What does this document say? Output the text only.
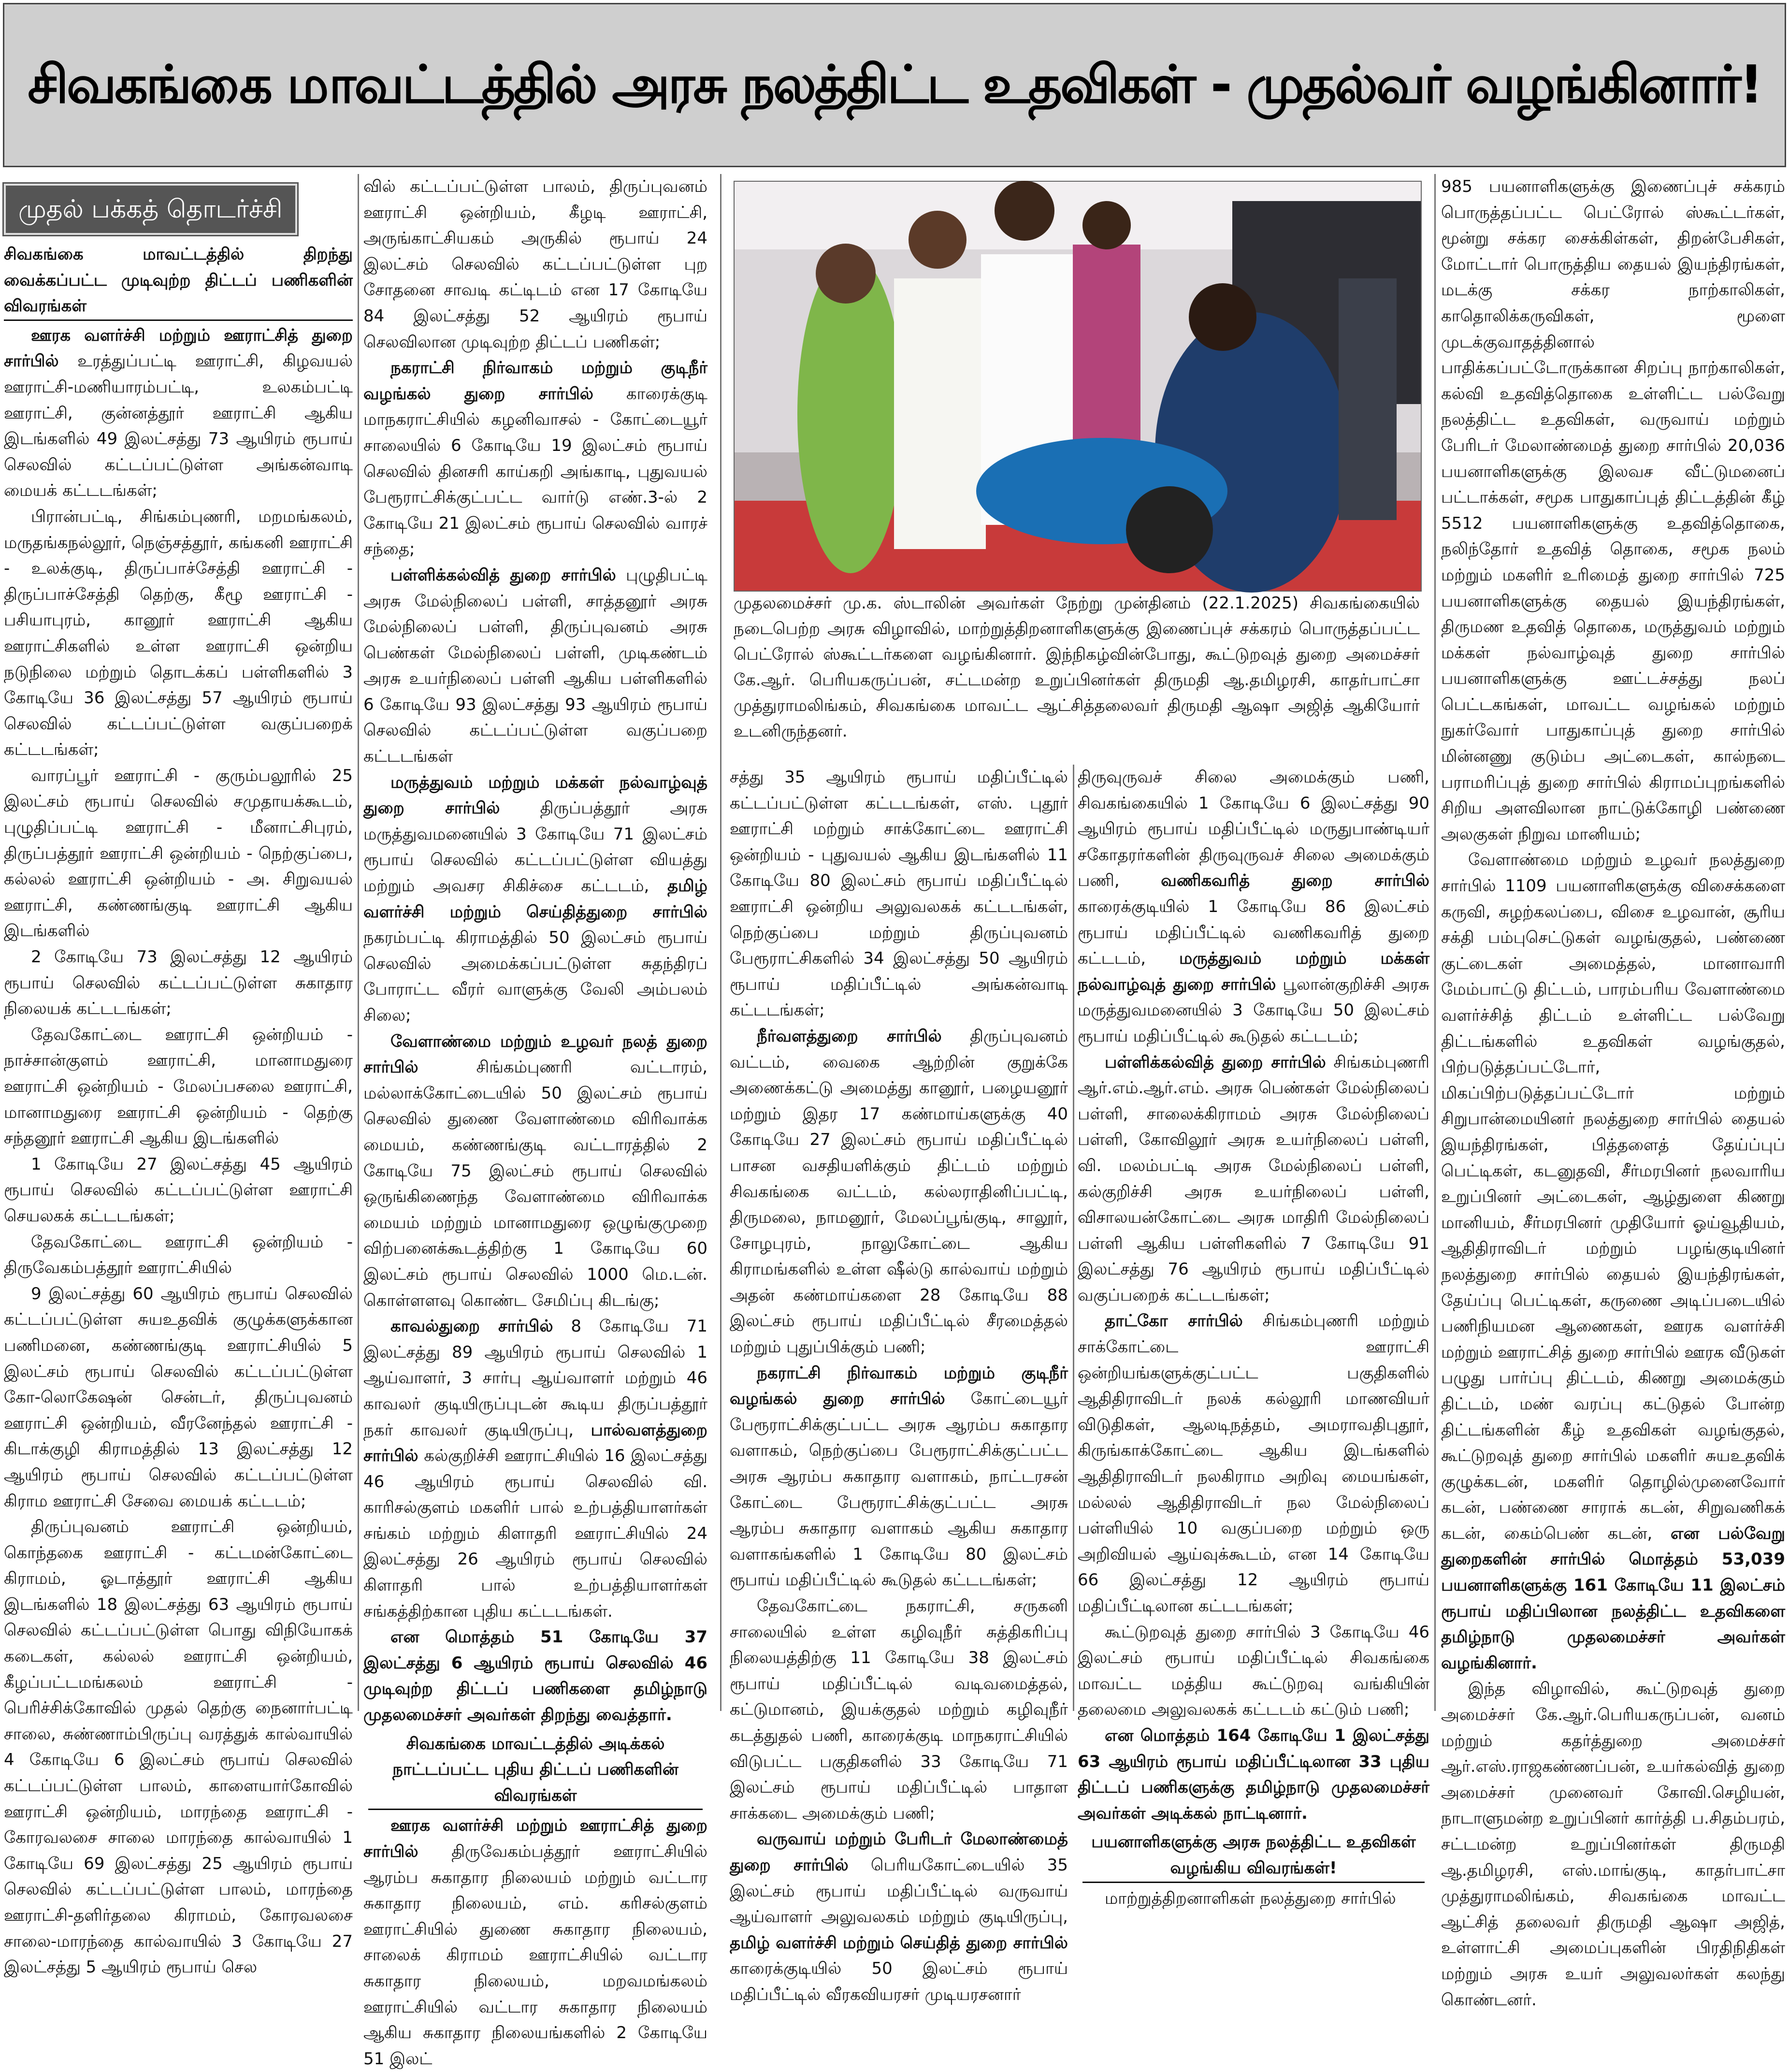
சிவகங்கை மாவட்டத்தில் அரசு நலத்திட்ட உதவிகள் - முதல்வர் வழங்கினார்!
முதல் பக்கத் தொடர்ச்சி

சிவகங்கை மாவட்டத்தில் திறந்து வைக்கப்பட்ட முடிவுற்ற திட்டப் பணிகளின் விவரங்கள்

ஊரக வளர்ச்சி மற்றும் ஊராட்சித் துறை சார்பில் உரத்துப்பட்டி ஊராட்சி, கிழவயல் ஊராட்சி-மணியாரம்பட்டி, உலகம்பட்டி ஊராட்சி, குன்னத்தூர் ஊராட்சி ஆகிய இடங்களில் 49 இலட்சத்து 73 ஆயிரம் ரூபாய் செலவில் கட்டப்பட்டுள்ள அங்கன்வாடி மையக் கட்டடங்கள்;

பிரான்பட்டி, சிங்கம்புணரி, மறமங்கலம், மருதங்கநல்லூர், நெஞ்சத்தூர், கங்கனி ஊராட்சி - உலக்குடி, திருப்பாச்சேத்தி ஊராட்சி - திருப்பாச்சேத்தி தெற்கு, கீழூ ஊராட்சி - பசியாபுரம், கானூர் ஊராட்சி ஆகிய ஊராட்சிகளில் உள்ள ஊராட்சி ஒன்றிய நடுநிலை மற்றும் தொடக்கப் பள்ளிகளில் 3 கோடியே 36 இலட்சத்து 57 ஆயிரம் ரூபாய் செலவில் கட்டப்பட்டுள்ள வகுப்பறைக் கட்டடங்கள்;

வாரப்பூர் ஊராட்சி - குரும்பலூரில் 25 இலட்சம் ரூபாய் செலவில் சமுதாயக்கூடம், புழுதிப்பட்டி ஊராட்சி - மீனாட்சிபுரம், திருப்பத்தூர் ஊராட்சி ஒன்றியம் - நெற்குப்பை, கல்லல் ஊராட்சி ஒன்றியம் - அ. சிறுவயல் ஊராட்சி, கண்ணங்குடி ஊராட்சி ஆகிய இடங்களில்

2 கோடியே 73 இலட்சத்து 12 ஆயிரம் ரூபாய் செலவில் கட்டப்பட்டுள்ள சுகாதார நிலையக் கட்டடங்கள்;

தேவகோட்டை ஊராட்சி ஒன்றியம் - நாச்சான்குளம் ஊராட்சி, மானாமதுரை ஊராட்சி ஒன்றியம் - மேலப்பசலை ஊராட்சி, மானாமதுரை ஊராட்சி ஒன்றியம் - தெற்கு சந்தனூர் ஊராட்சி ஆகிய இடங்களில்

1 கோடியே 27 இலட்சத்து 45 ஆயிரம் ரூபாய் செலவில் கட்டப்பட்டுள்ள ஊராட்சி செயலகக் கட்டடங்கள்;

தேவகோட்டை ஊராட்சி ஒன்றியம் - திருவேகம்பத்தூர் ஊராட்சியில்

9 இலட்சத்து 60 ஆயிரம் ரூபாய் செலவில் கட்டப்பட்டுள்ள சுயஉதவிக் குழுக்களுக்கான பணிமனை, கண்ணங்குடி ஊராட்சியில் 5 இலட்சம் ரூபாய் செலவில் கட்டப்பட்டுள்ள கோ-லொகேஷன் சென்டர், திருப்புவனம் ஊராட்சி ஒன்றியம், வீரனேந்தல் ஊராட்சி - கிடாக்குழி கிராமத்தில் 13 இலட்சத்து 12 ஆயிரம் ரூபாய் செலவில் கட்டப்பட்டுள்ள கிராம ஊராட்சி சேவை மையக் கட்டடம்;

திருப்புவனம் ஊராட்சி ஒன்றியம், கொந்தகை ஊராட்சி - கட்டமன்கோட்டை கிராமம், ஓடாத்தூர் ஊராட்சி ஆகிய இடங்களில் 18 இலட்சத்து 63 ஆயிரம் ரூபாய் செலவில் கட்டப்பட்டுள்ள பொது விநியோகக் கடைகள், கல்லல் ஊராட்சி ஒன்றியம், கீழப்பட்டமங்கலம் ஊராட்சி - பெரிச்சிக்கோவில் முதல் தெற்கு நைனார்பட்டி சாலை, சுண்ணாம்பிருப்பு வரத்துக் கால்வாயில் 4 கோடியே 6 இலட்சம் ரூபாய் செலவில் கட்டப்பட்டுள்ள பாலம், காளையார்கோவில் ஊராட்சி ஒன்றியம், மாரந்தை ஊராட்சி - கோரவலசை சாலை மாரந்தை கால்வாயில் 1 கோடியே 69 இலட்சத்து 25 ஆயிரம் ரூபாய் செலவில் கட்டப்பட்டுள்ள பாலம், மாரந்தை ஊராட்சி-தளிர்தலை கிராமம், கோரவலசை சாலை-மாரந்தை கால்வாயில் 3 கோடியே 27 இலட்சத்து 5 ஆயிரம் ரூபாய் செல

வில் கட்டப்பட்டுள்ள பாலம், திருப்புவனம் ஊராட்சி ஒன்றியம், கீழடி ஊராட்சி, அருங்காட்சியகம் அருகில் ரூபாய் 24 இலட்சம் செலவில் கட்டப்பட்டுள்ள புற சோதனை சாவடி கட்டிடம் என 17 கோடியே 84 இலட்சத்து 52 ஆயிரம் ரூபாய் செலவிலான முடிவுற்ற திட்டப் பணிகள்;

நகராட்சி நிர்வாகம் மற்றும் குடிநீர் வழங்கல் துறை சார்பில் காரைக்குடி மாநகராட்சியில் கழனிவாசல் - கோட்டையூர் சாலையில் 6 கோடியே 19 இலட்சம் ரூபாய் செலவில் தினசரி காய்கறி அங்காடி, புதுவயல் பேரூராட்சிக்குட்பட்ட வார்டு எண்.3-ல் 2 கோடியே 21 இலட்சம் ரூபாய் செலவில் வாரச் சந்தை;

பள்ளிக்கல்வித் துறை சார்பில் புழுதிபட்டி அரசு மேல்நிலைப் பள்ளி, சாத்தனூர் அரசு மேல்நிலைப் பள்ளி, திருப்புவனம் அரசு பெண்கள் மேல்நிலைப் பள்ளி, முடிகண்டம் அரசு உயர்நிலைப் பள்ளி ஆகிய பள்ளிகளில் 6 கோடியே 93 இலட்சத்து 93 ஆயிரம் ரூபாய் செலவில் கட்டப்பட்டுள்ள வகுப்பறை கட்டடங்கள்

மருத்துவம் மற்றும் மக்கள் நல்வாழ்வுத் துறை சார்பில் திருப்பத்தூர் அரசு மருத்துவமனையில் 3 கோடியே 71 இலட்சம் ரூபாய் செலவில் கட்டப்பட்டுள்ள வியத்து மற்றும் அவசர சிகிச்சை கட்டடம், தமிழ் வளர்ச்சி மற்றும் செய்தித்துறை சார்பில் நகரம்பட்டி கிராமத்தில் 50 இலட்சம் ரூபாய் செலவில் அமைக்கப்பட்டுள்ள சுதந்திரப் போராட்ட வீரர் வாளுக்கு வேலி அம்பலம் சிலை;

வேளாண்மை மற்றும் உழவர் நலத் துறை சார்பில் சிங்கம்புணரி வட்டாரம், மல்லாக்கோட்டையில் 50 இலட்சம் ரூபாய் செலவில் துணை வேளாண்மை விரிவாக்க மையம், கண்ணங்குடி வட்டாரத்தில் 2 கோடியே 75 இலட்சம் ரூபாய் செலவில் ஒருங்கிணைந்த வேளாண்மை விரிவாக்க மையம் மற்றும் மானாமதுரை ஒழுங்குமுறை விற்பனைக்கூடத்திற்கு 1 கோடியே 60 இலட்சம் ரூபாய் செலவில் 1000 மெ.டன். கொள்ளளவு கொண்ட சேமிப்பு கிடங்கு;

காவல்துறை சார்பில் 8 கோடியே 71 இலட்சத்து 89 ஆயிரம் ரூபாய் செலவில் 1 ஆய்வாளர், 3 சார்பு ஆய்வாளர் மற்றும் 46 காவலர் குடியிருப்புடன் கூடிய திருப்பத்தூர் நகர் காவலர் குடியிருப்பு, பால்வளத்துறை சார்பில் கல்குறிச்சி ஊராட்சியில் 16 இலட்சத்து 46 ஆயிரம் ரூபாய் செலவில் வி. காரிசல்குளம் மகளிர் பால் உற்பத்தியாளர்கள் சங்கம் மற்றும் கிளாதரி ஊராட்சியில் 24 இலட்சத்து 26 ஆயிரம் ரூபாய் செலவில் கிளாதரி பால் உற்பத்தியாளர்கள் சங்கத்திற்கான புதிய கட்டடங்கள்.

என மொத்தம் 51 கோடியே 37 இலட்சத்து 6 ஆயிரம் ரூபாய் செலவில் 46 முடிவுற்ற திட்டப் பணிகளை தமிழ்நாடு முதலமைச்சர் அவர்கள் திறந்து வைத்தார்.

சிவகங்கை மாவட்டத்தில் அடிக்கல் நாட்டப்பட்ட புதிய திட்டப் பணிகளின் விவரங்கள்

ஊரக வளர்ச்சி மற்றும் ஊராட்சித் துறை சார்பில் திருவேகம்பத்தூர் ஊராட்சியில் ஆரம்ப சுகாதார நிலையம் மற்றும் வட்டார சுகாதார நிலையம், எம். கரிசல்குளம் ஊராட்சியில் துணை சுகாதார நிலையம், சாலைக் கிராமம் ஊராட்சியில் வட்டார சுகாதார நிலையம், மறவமங்கலம் ஊராட்சியில் வட்டார சுகாதார நிலையம் ஆகிய சுகாதார நிலையங்களில் 2 கோடியே 51 இலட்

முதலமைச்சர் மு.க. ஸ்டாலின் அவர்கள் நேற்று முன்தினம் (22.1.2025) சிவகங்கையில் நடைபெற்ற அரசு விழாவில், மாற்றுத்திறனாளிகளுக்கு இணைப்புச் சக்கரம் பொருத்தப்பட்ட பெட்ரோல் ஸ்கூட்டர்களை வழங்கினார். இந்நிகழ்வின்போது, கூட்டுறவுத் துறை அமைச்சர் கே.ஆர். பெரியகருப்பன், சட்டமன்ற உறுப்பினர்கள் திருமதி ஆ.தமிழரசி, காதர்பாட்சா முத்துராமலிங்கம், சிவகங்கை மாவட்ட ஆட்சித்தலைவர் திருமதி ஆஷா அஜித் ஆகியோர் உடனிருந்தனர்.

சத்து 35 ஆயிரம் ரூபாய் மதிப்பீட்டில் கட்டப்பட்டுள்ள கட்டடங்கள், எஸ். புதூர் ஊராட்சி மற்றும் சாக்கோட்டை ஊராட்சி ஒன்றியம் - புதுவயல் ஆகிய இடங்களில் 11 கோடியே 80 இலட்சம் ரூபாய் மதிப்பீட்டில் ஊராட்சி ஒன்றிய அலுவலகக் கட்டடங்கள், நெற்குப்பை மற்றும் திருப்புவனம் பேரூராட்சிகளில் 34 இலட்சத்து 50 ஆயிரம் ரூபாய் மதிப்பீட்டில் அங்கன்வாடி கட்டடங்கள்;

நீர்வளத்துறை சார்பில் திருப்புவனம் வட்டம், வைகை ஆற்றின் குறுக்கே அணைக்கட்டு அமைத்து கானூர், பழையனூர் மற்றும் இதர 17 கண்மாய்களுக்கு 40 கோடியே 27 இலட்சம் ரூபாய் மதிப்பீட்டில் பாசன வசதியளிக்கும் திட்டம் மற்றும் சிவகங்கை வட்டம், கல்லராதினிப்பட்டி, திருமலை, நாமனூர், மேலப்பூங்குடி, சாலூர், சோழபுரம், நாலுகோட்டை ஆகிய கிராமங்களில் உள்ள ஷீல்டு கால்வாய் மற்றும் அதன் கண்மாய்களை 28 கோடியே 88 இலட்சம் ரூபாய் மதிப்பீட்டில் சீரமைத்தல் மற்றும் புதுப்பிக்கும் பணி;

நகராட்சி நிர்வாகம் மற்றும் குடிநீர் வழங்கல் துறை சார்பில் கோட்டையூர் பேரூராட்சிக்குட்பட்ட அரசு ஆரம்ப சுகாதார வளாகம், நெற்குப்பை பேரூராட்சிக்குட்பட்ட அரசு ஆரம்ப சுகாதார வளாகம், நாட்டரசன் கோட்டை பேரூராட்சிக்குட்பட்ட அரசு ஆரம்ப சுகாதார வளாகம் ஆகிய சுகாதார வளாகங்களில் 1 கோடியே 80 இலட்சம் ரூபாய் மதிப்பீட்டில் கூடுதல் கட்டடங்கள்;

தேவகோட்டை நகராட்சி, சருகனி சாலையில் உள்ள கழிவுநீர் சுத்திகரிப்பு நிலையத்திற்கு 11 கோடியே 38 இலட்சம் ரூபாய் மதிப்பீட்டில் வடிவமைத்தல், கட்டுமானம், இயக்குதல் மற்றும் கழிவுநீர் கடத்துதல் பணி, காரைக்குடி மாநகராட்சியில் விடுபட்ட பகுதிகளில் 33 கோடியே 71 இலட்சம் ரூபாய் மதிப்பீட்டில் பாதாள சாக்கடை அமைக்கும் பணி;

வருவாய் மற்றும் பேரிடர் மேலாண்மைத் துறை சார்பில் பெரியகோட்டையில் 35 இலட்சம் ரூபாய் மதிப்பீட்டில் வருவாய் ஆய்வாளர் அலுவலகம் மற்றும் குடியிருப்பு, தமிழ் வளர்ச்சி மற்றும் செய்தித் துறை சார்பில் காரைக்குடியில் 50 இலட்சம் ரூபாய் மதிப்பீட்டில் வீரகவியரசர் முடியரசனார்

திருவுருவச் சிலை அமைக்கும் பணி, சிவகங்கையில் 1 கோடியே 6 இலட்சத்து 90 ஆயிரம் ரூபாய் மதிப்பீட்டில் மருதுபாண்டியர் சகோதரர்களின் திருவுருவச் சிலை அமைக்கும் பணி, வணிகவரித் துறை சார்பில் காரைக்குடியில் 1 கோடியே 86 இலட்சம் ரூபாய் மதிப்பீட்டில் வணிகவரித் துறை கட்டடம், மருத்துவம் மற்றும் மக்கள் நல்வாழ்வுத் துறை சார்பில் பூலான்குறிச்சி அரசு மருத்துவமனையில் 3 கோடியே 50 இலட்சம் ரூபாய் மதிப்பீட்டில் கூடுதல் கட்டடம்;

பள்ளிக்கல்வித் துறை சார்பில் சிங்கம்புணரி ஆர்.எம்.ஆர்.எம். அரசு பெண்கள் மேல்நிலைப் பள்ளி, சாலைக்கிராமம் அரசு மேல்நிலைப் பள்ளி, கோவிலூர் அரசு உயர்நிலைப் பள்ளி, வி. மலம்பட்டி அரசு மேல்நிலைப் பள்ளி, கல்குறிச்சி அரசு உயர்நிலைப் பள்ளி, விசாலயன்கோட்டை அரசு மாதிரி மேல்நிலைப் பள்ளி ஆகிய பள்ளிகளில் 7 கோடியே 91 இலட்சத்து 76 ஆயிரம் ரூபாய் மதிப்பீட்டில் வகுப்பறைக் கட்டடங்கள்;

தாட்கோ சார்பில் சிங்கம்புணரி மற்றும் சாக்கோட்டை ஊராட்சி ஒன்றியங்களுக்குட்பட்ட பகுதிகளில் ஆதிதிராவிடர் நலக் கல்லூரி மாணவியர் விடுதிகள், ஆலடிநத்தம், அமராவதிபுதூர், கிருங்காக்கோட்டை ஆகிய இடங்களில் ஆதிதிராவிடர் நலகிராம அறிவு மையங்கள், மல்லல் ஆதிதிராவிடர் நல மேல்நிலைப் பள்ளியில் 10 வகுப்பறை மற்றும் ஒரு அறிவியல் ஆய்வுக்கூடம், என 14 கோடியே 66 இலட்சத்து 12 ஆயிரம் ரூபாய் மதிப்பீட்டிலான கட்டடங்கள்;

கூட்டுறவுத் துறை சார்பில் 3 கோடியே 46 இலட்சம் ரூபாய் மதிப்பீட்டில் சிவகங்கை மாவட்ட மத்திய கூட்டுறவு வங்கியின் தலைமை அலுவலகக் கட்டடம் கட்டும் பணி;

என மொத்தம் 164 கோடியே 1 இலட்சத்து 63 ஆயிரம் ரூபாய் மதிப்பீட்டிலான 33 புதிய திட்டப் பணிகளுக்கு தமிழ்நாடு முதலமைச்சர் அவர்கள் அடிக்கல் நாட்டினார்.

பயனாளிகளுக்கு அரசு நலத்திட்ட உதவிகள் வழங்கிய விவரங்கள்!

மாற்றுத்திறனாளிகள் நலத்துறை சார்பில்

985 பயனாளிகளுக்கு இணைப்புச் சக்கரம் பொருத்தப்பட்ட பெட்ரோல் ஸ்கூட்டர்கள், மூன்று சக்கர சைக்கிள்கள், திறன்பேசிகள், மோட்டார் பொருத்திய தையல் இயந்திரங்கள், மடக்கு சக்கர நாற்காலிகள், காதொலிக்கருவிகள், மூளை முடக்குவாதத்தினால் பாதிக்கப்பட்டோருக்கான சிறப்பு நாற்காலிகள், கல்வி உதவித்தொகை உள்ளிட்ட பல்வேறு நலத்திட்ட உதவிகள், வருவாய் மற்றும் பேரிடர் மேலாண்மைத் துறை சார்பில் 20,036 பயனாளிகளுக்கு இலவச வீட்டுமனைப் பட்டாக்கள், சமூக பாதுகாப்புத் திட்டத்தின் கீழ் 5512 பயனாளிகளுக்கு உதவித்தொகை, நலிந்தோர் உதவித் தொகை, சமூக நலம் மற்றும் மகளிர் உரிமைத் துறை சார்பில் 725 பயனாளிகளுக்கு தையல் இயந்திரங்கள், திருமண உதவித் தொகை, மருத்துவம் மற்றும் மக்கள் நல்வாழ்வுத் துறை சார்பில் பயனாளிகளுக்கு ஊட்டச்சத்து நலப் பெட்டகங்கள், மாவட்ட வழங்கல் மற்றும் நுகர்வோர் பாதுகாப்புத் துறை சார்பில் மின்னணு குடும்ப அட்டைகள், கால்நடை பராமரிப்புத் துறை சார்பில் கிராமப்புறங்களில் சிறிய அளவிலான நாட்டுக்கோழி பண்ணை அலகுகள் நிறுவ மானியம்;

வேளாண்மை மற்றும் உழவர் நலத்துறை சார்பில் 1109 பயனாளிகளுக்கு விசைக்களை கருவி, சுழற்கலப்பை, விசை உழவான், சூரிய சக்தி பம்புசெட்டுகள் வழங்குதல், பண்ணை குட்டைகள் அமைத்தல், மானாவாரி மேம்பாட்டு திட்டம், பாரம்பரிய வேளாண்மை வளர்ச்சித் திட்டம் உள்ளிட்ட பல்வேறு திட்டங்களில் உதவிகள் வழங்குதல், பிற்படுத்தப்பட்டோர், மிகப்பிற்படுத்தப்பட்டோர் மற்றும் சிறுபான்மையினர் நலத்துறை சார்பில் தையல் இயந்திரங்கள், பித்தளைத் தேய்ப்புப் பெட்டிகள், கடனுதவி, சீர்மரபினர் நலவாரிய உறுப்பினர் அட்டைகள், ஆழ்துளை கிணறு மானியம், சீர்மரபினர் முதியோர் ஓய்வூதியம், ஆதிதிராவிடர் மற்றும் பழங்குடியினர் நலத்துறை சார்பில் தையல் இயந்திரங்கள், தேய்ப்பு பெட்டிகள், கருணை அடிப்படையில் பணிநியமன ஆணைகள், ஊரக வளர்ச்சி மற்றும் ஊராட்சித் துறை சார்பில் ஊரக வீடுகள் பழுது பார்ப்பு திட்டம், கிணறு அமைக்கும் திட்டம், மண் வரப்பு கட்டுதல் போன்ற திட்டங்களின் கீழ் உதவிகள் வழங்குதல், கூட்டுறவுத் துறை சார்பில் மகளிர் சுயஉதவிக் குழுக்கடன், மகளிர் தொழில்முனைவோர் கடன், பண்ணை சாராக் கடன், சிறுவணிகக் கடன், கைம்பெண் கடன், என பல்வேறு துறைகளின் சார்பில் மொத்தம் 53,039 பயனாளிகளுக்கு 161 கோடியே 11 இலட்சம் ரூபாய் மதிப்பிலான நலத்திட்ட உதவிகளை தமிழ்நாடு முதலமைச்சர் அவர்கள் வழங்கினார்.

இந்த விழாவில், கூட்டுறவுத் துறை அமைச்சர் கே.ஆர்.பெரியகருப்பன், வனம் மற்றும் கதர்த்துறை அமைச்சர் ஆர்.எஸ்.ராஜகண்ணப்பன், உயர்கல்வித் துறை அமைச்சர் முனைவர் கோவி.செழியன், நாடாளுமன்ற உறுப்பினர் கார்த்தி ப.சிதம்பரம், சட்டமன்ற உறுப்பினர்கள் திருமதி ஆ.தமிழரசி, எஸ்.மாங்குடி, காதர்பாட்சா முத்துராமலிங்கம், சிவகங்கை மாவட்ட ஆட்சித் தலைவர் திருமதி ஆஷா அஜித், உள்ளாட்சி அமைப்புகளின் பிரதிநிதிகள் மற்றும் அரசு உயர் அலுவலர்கள் கலந்து கொண்டனர்.
